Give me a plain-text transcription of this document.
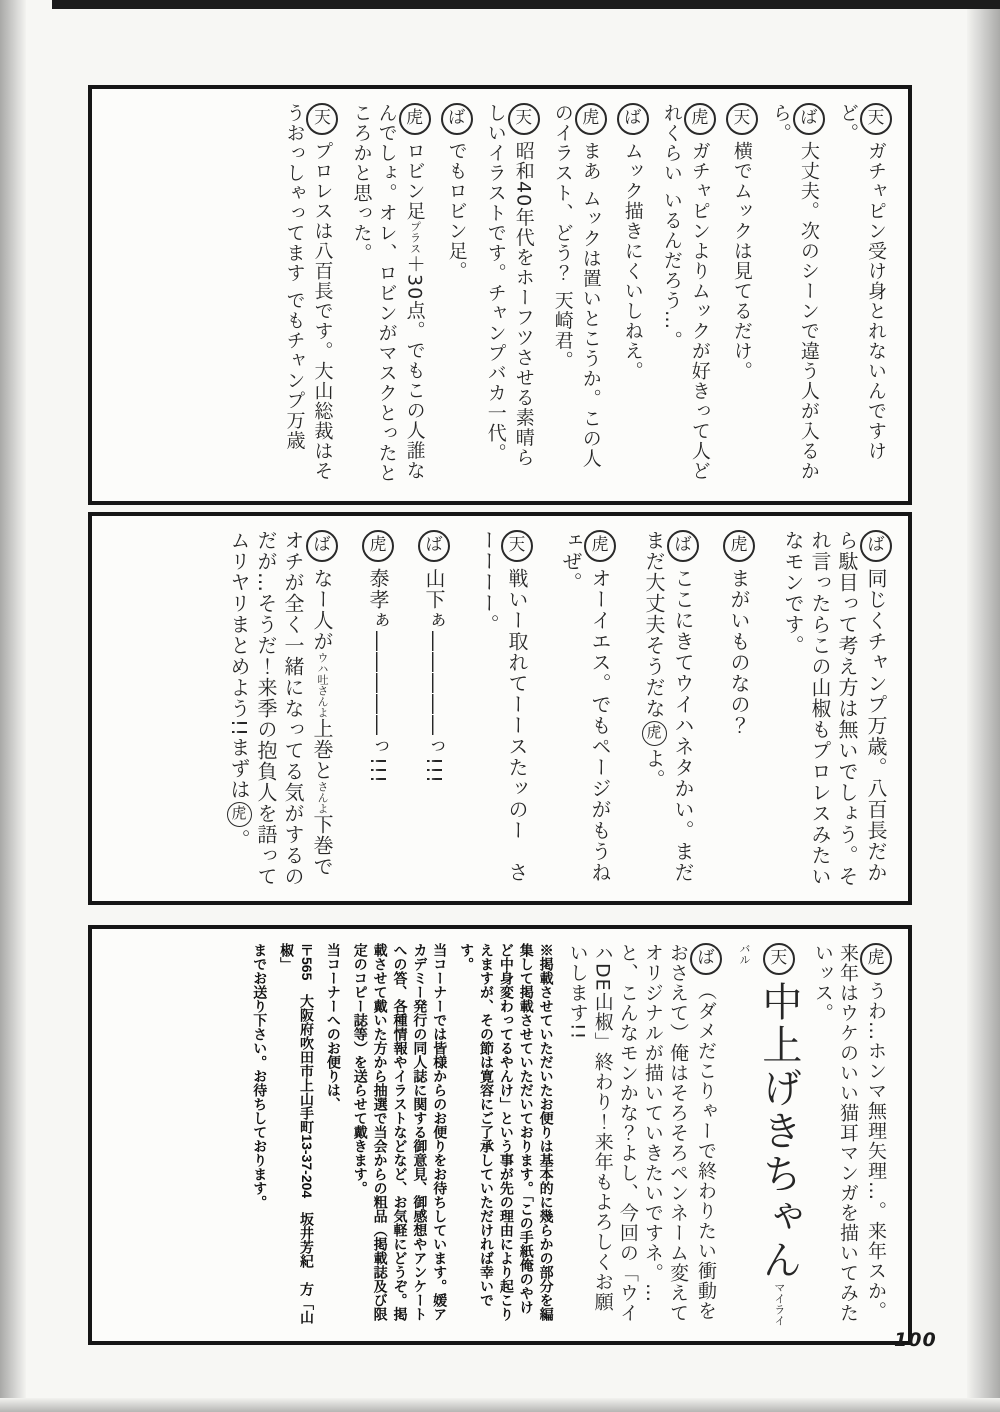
天ガチャピン受け身とれないんですけど。
ば大丈夫。次のシーンで違う人が入るから。
天横でムックは見てるだけ。
虎ガチャピンよりムックが好きって人どれくらい いるんだろう…。
ばムック描きにくいしねえ。
虎まあ ムックは置いとこうか。この人のイラスト、どう？ 天崎君。
天昭和40年代をホーフツさせる素晴らしいイラストです。チャンプバカ一代。
ばでもロビン足。
虎ロビン足プラス＋30点。でもこの人誰なんでしょ。オレ、ロビンがマスクとったところかと思った。
天プロレスは八百長です。大山総裁はそうおっしゃってます でもチャンプ万歳
ば同じくチャンプ万歳。八百長だから駄目って考え方は無いでしょう。それ言ったらこの山椒もプロレスみたいなモンです。
虎まがいものなの？
ばここにきてウイハネタかい。まだまだ大丈夫そうだな虎よ。
虎オーイエス。でもページがもうねェぜ。
天戦いー取れてーースたッのー　さーーーー。
ば山下ぁ―――――っ!!!
虎泰孝ぁ―――――っ!!!
ばなー人がウハ吐さんよ上巻とさんよ下巻でオチが全く一緒になってる気がするのだが…そうだ！来季の抱負人を語ってムリヤリまとめよう!!まずは虎。
虎うわ…ホンマ無理矢理…。来年スか。来年はウケのいい猫耳マンガを描いてみたいッス。
天中上げきちゃんマイライバル
ば（ダメだこりゃーで終わりたい衝動をおさえて）俺はそろそろペンネーム変えてオリジナルが描いていきたいですネ。…と、こんなモンかな？よし、今回の「ウイハDE山椒」終わり！来年もよろしくお願いします!!
※掲載させていただいたお便りは基本的に幾らかの部分を編集して掲載させていただいております。「この手紙俺のやけど中身変わってるやんけ」という事が先の理由により起こりえますが、その節は寛容にご了承していただければ幸いです。
当コーナーでは皆様からのお便りをお待ちしています。媛アカデミー発行の同人誌に関する御意見、御感想やアンケートへの答、各種情報やイラストなどなど、お気軽にどうぞ。掲載させて戴いた方から抽選で当会からの粗品（掲載誌及び限定のコピー誌等）を送らせて戴きます。
当コーナーへのお便りは、
〒565　大阪府吹田市上山手町13-37-204　坂井芳紀　方「山椒」
までお送り下さい。お待ちしております。
100
